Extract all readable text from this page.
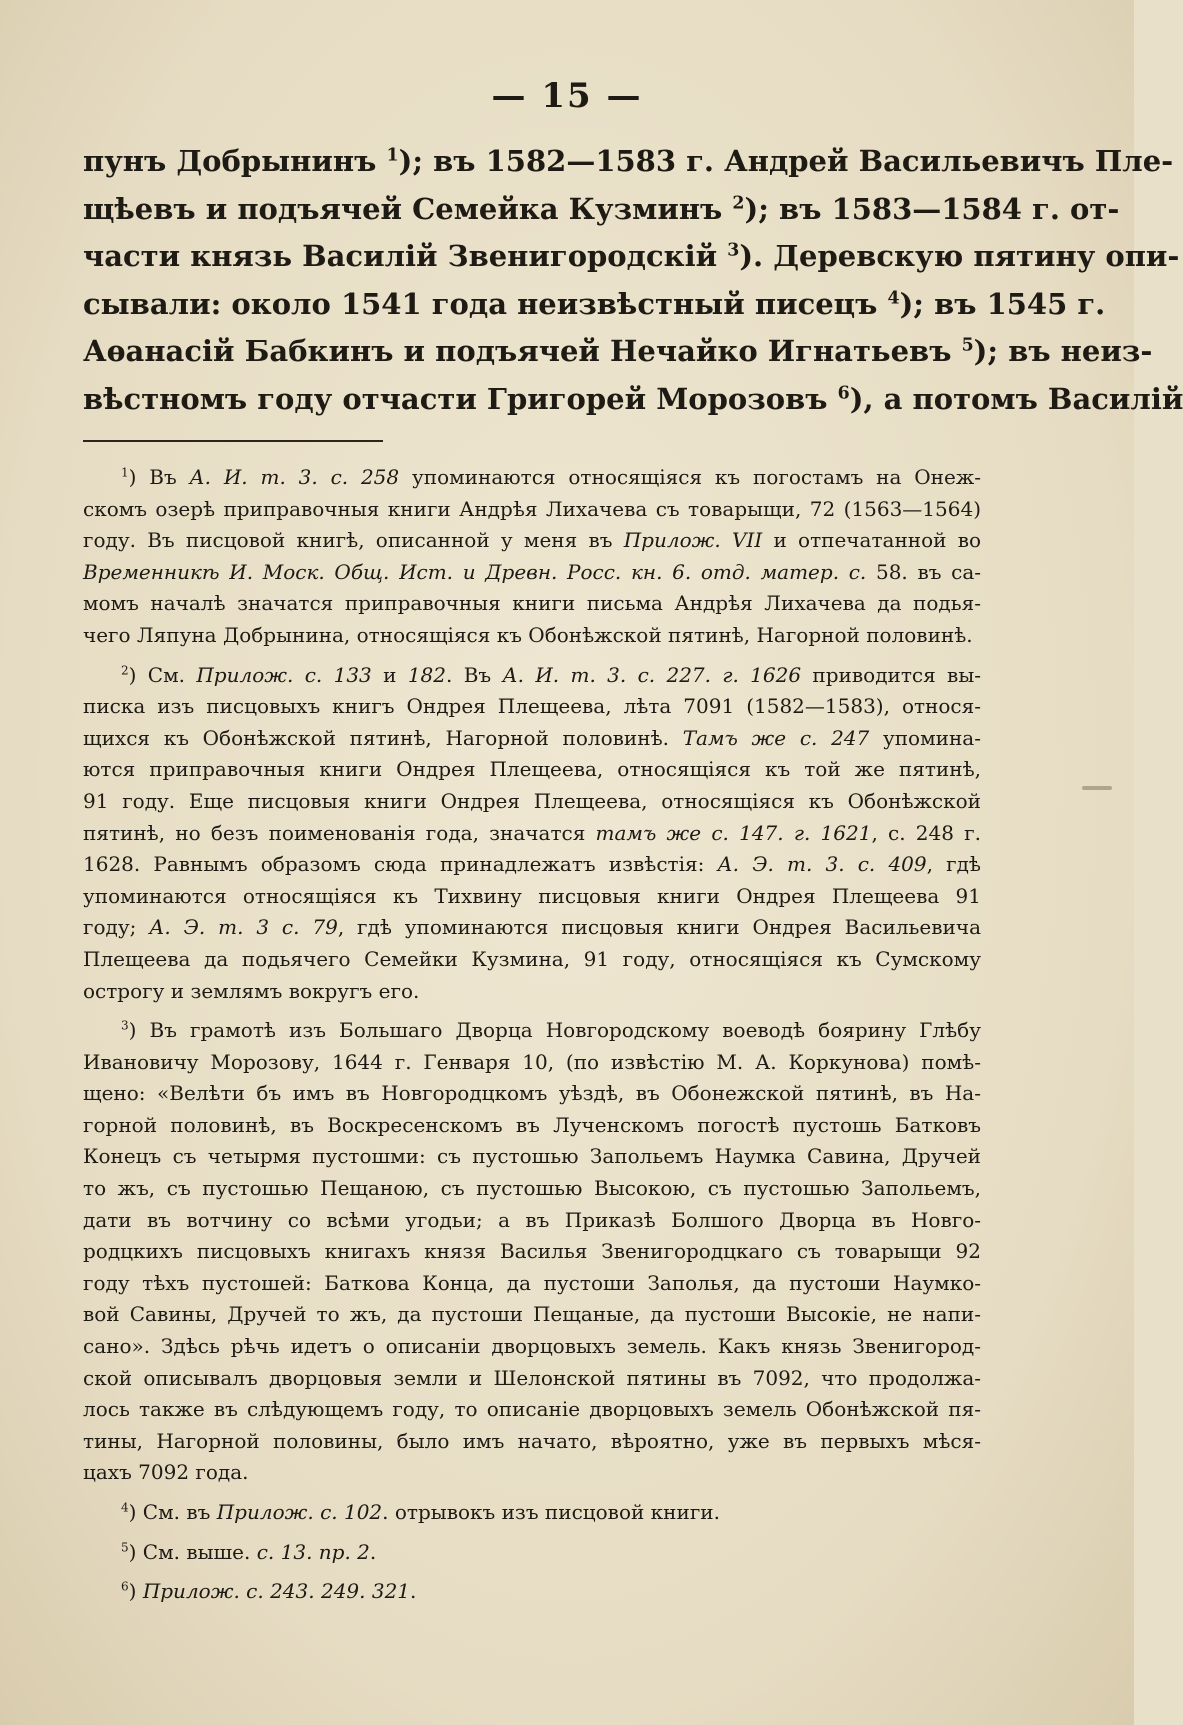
— 15 —
пунъ Добрынинъ $^1$); въ 1582—1583 г. Андрей Васильевичъ Пле-
щѣевъ и подъячей Семейка Кузминъ $^2$); въ 1583—1584 г. от-
части князь Василій Звенигородскій $^3$). Деревскую пятину опи-
сывали: около 1541 года неизвѣстный писецъ $^4$); въ 1545 г.
Аѳанасій Бабкинъ и подъячей Нечайко Игнатьевъ $^5$); въ неиз-
вѣстномъ году отчасти Григорей Морозовъ $^6$), а потомъ Василій
$^1$) Въ А. И. т. 3. с. 258 упоминаются относящіяся къ погостамъ на Онеж-
скомъ озерѣ приправочныя книги Андрѣя Лихачева съ товарыщи, 72 (1563—1564)
году. Въ писцовой книгѣ, описанной у меня въ Прилож. VII и отпечатанной во
Временникѣ И. Моск. Общ. Ист. и Древн. Росс. кн. 6. отд. матер. с. 58. въ са-
момъ началѣ значатся приправочныя книги письма Андрѣя Лихачева да подья-
чего Ляпуна Добрынина, относящіяся къ Обонѣжской пятинѣ, Нагорной половинѣ.
$^2$) См. Прилож. с. 133 и 182. Въ А. И. т. 3. с. 227. г. 1626 приводится вы-
писка изъ писцовыхъ книгъ Ондрея Плещеева, лѣта 7091 (1582—1583), относя-
щихся къ Обонѣжской пятинѣ, Нагорной половинѣ. Тамъ же с. 247 упомина-
ются приправочныя книги Ондрея Плещеева, относящіяся къ той же пятинѣ,
91 году. Еще писцовыя книги Ондрея Плещеева, относящіяся къ Обонѣжской
пятинѣ, но безъ поименованія года, значатся тамъ же с. 147. г. 1621, с. 248 г.
1628. Равнымъ образомъ сюда принадлежатъ извѣстія: А. Э. т. 3. с. 409, гдѣ
упоминаются относящіяся къ Тихвину писцовыя книги Ондрея Плещеева 91
году; А. Э. т. 3 с. 79, гдѣ упоминаются писцовыя книги Ондрея Васильевича
Плещеева да подьячего Семейки Кузмина, 91 году, относящіяся къ Сумскому
острогу и землямъ вокругъ его.
$^3$) Въ грамотѣ изъ Большаго Дворца Новгородскому воеводѣ боярину Глѣбу
Ивановичу Морозову, 1644 г. Генваря 10, (по извѣстію М. А. Коркунова) помѣ-
щено: «Велѣти бъ имъ въ Новгородцкомъ уѣздѣ, въ Обонежской пятинѣ, въ На-
горной половинѣ, въ Воскресенскомъ въ Лученскомъ погостѣ пустошь Батковъ
Конецъ съ четырмя пустошми: съ пустошью Запольемъ Наумка Савина, Дручей
то жъ, съ пустошью Пещаною, съ пустошью Высокою, съ пустошью Запольемъ,
дати въ вотчину со всѣми угодьи; а въ Приказѣ Болшого Дворца въ Новго-
родцкихъ писцовыхъ книгахъ князя Василья Звенигородцкаго съ товарыщи 92
году тѣхъ пустошей: Баткова Конца, да пустоши Заполья, да пустоши Наумко-
вой Савины, Дручей то жъ, да пустоши Пещаные, да пустоши Высокіе, не напи-
сано». Здѣсь рѣчь идетъ о описаніи дворцовыхъ земель. Какъ князь Звенигород-
ской описывалъ дворцовыя земли и Шелонской пятины въ 7092, что продолжа-
лось также въ слѣдующемъ году, то описаніе дворцовыхъ земель Обонѣжской пя-
тины, Нагорной половины, было имъ начато, вѣроятно, уже въ первыхъ мѣся-
цахъ 7092 года.
$^4$) См. въ Прилож. с. 102. отрывокъ изъ писцовой книги.
$^5$) См. выше. с. 13. пр. 2.
$^6$) Прилож. с. 243. 249. 321.
